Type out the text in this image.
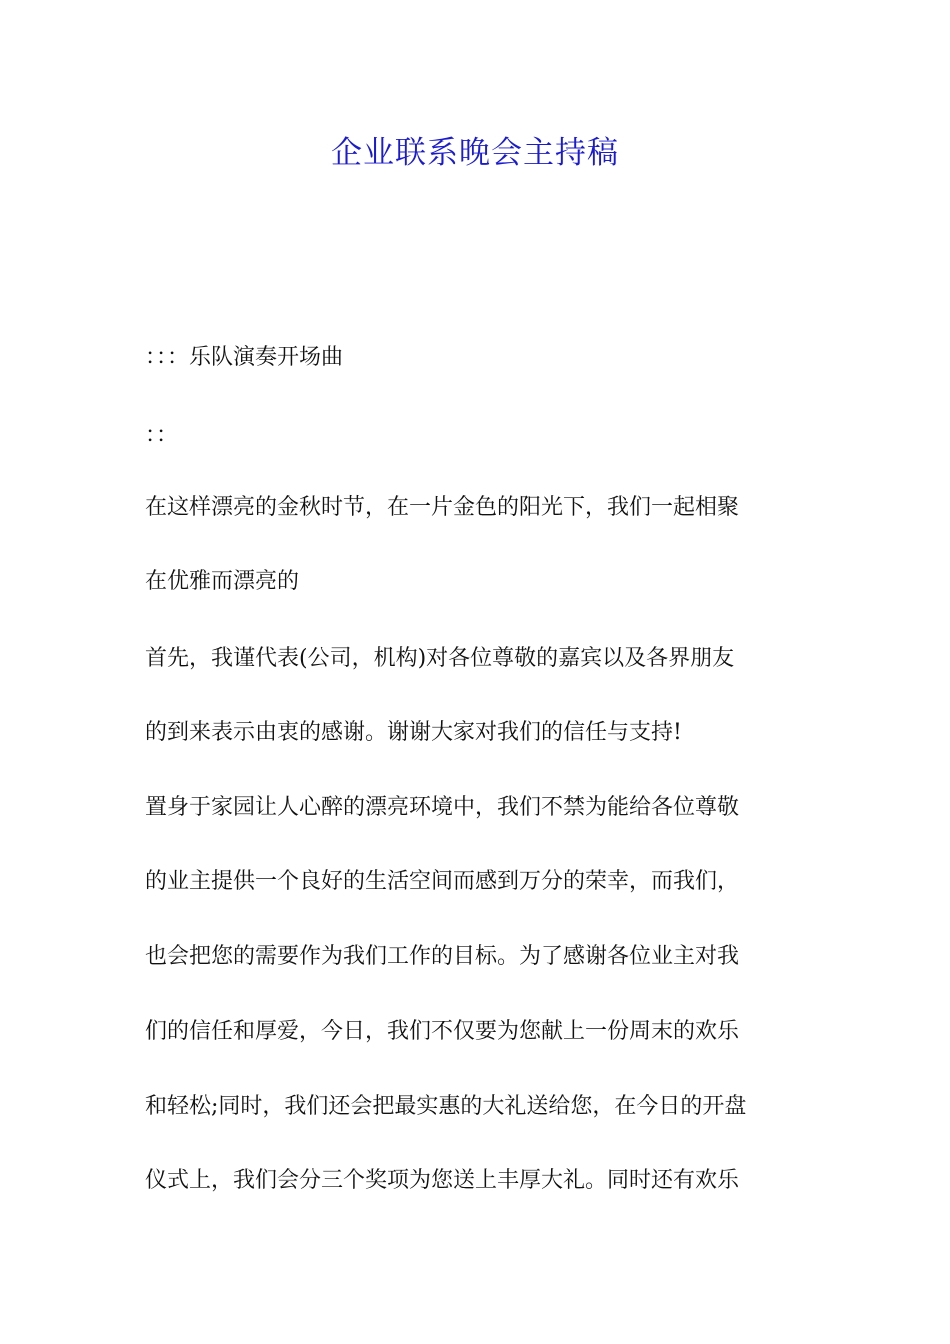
企业联系晚会主持稿
：：：乐队演奏开场曲
：：
在这样漂亮的金秋时节，在一片金色的阳光下，我们一起相聚
在优雅而漂亮的
首先，我谨代表(公司，机构)对各位尊敬的嘉宾以及各界朋友
的到来表示由衷的感谢。谢谢大家对我们的信任与支持!
置身于家园让人心醉的漂亮环境中，我们不禁为能给各位尊敬
的业主提供一个良好的生活空间而感到万分的荣幸，而我们，
也会把您的需要作为我们工作的目标。为了感谢各位业主对我
们的信任和厚爱，今日，我们不仅要为您献上一份周末的欢乐
和轻松;同时，我们还会把最实惠的大礼送给您，在今日的开盘
仪式上，我们会分三个奖项为您送上丰厚大礼。同时还有欢乐
